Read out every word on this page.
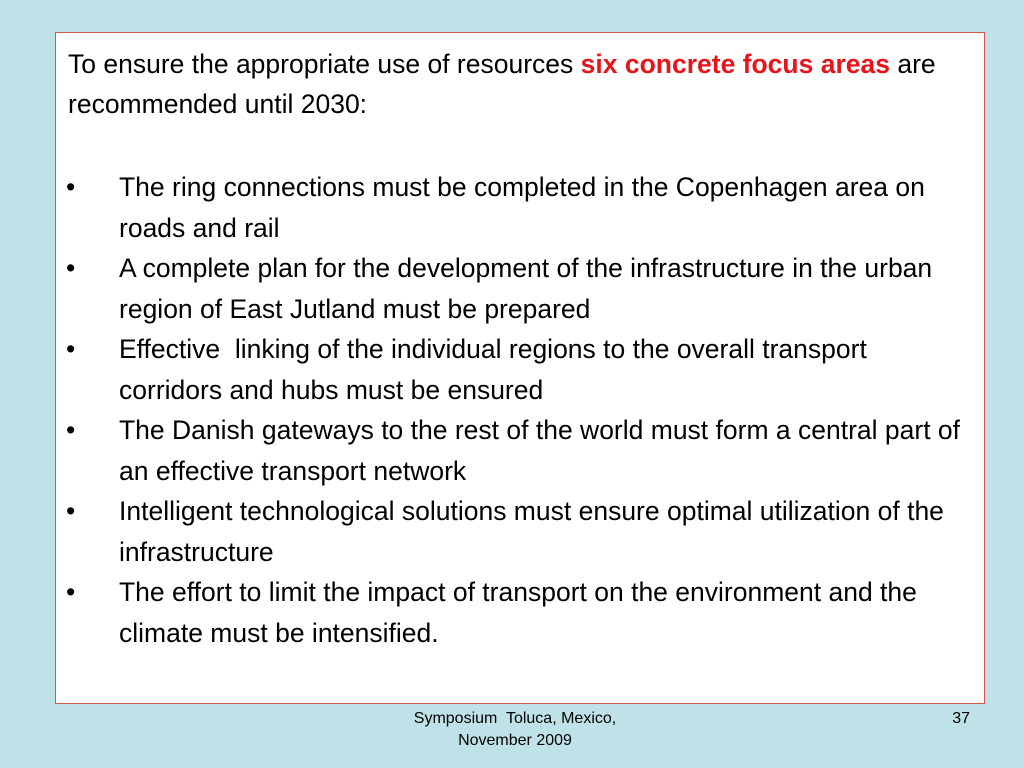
To ensure the appropriate use of resources six concrete focus areas are recommended until 2030:

• The ring connections must be completed in the Copenhagen area on roads and rail
• A complete plan for the development of the infrastructure in the urban region of East Jutland must be prepared
• Effective  linking of the individual regions to the overall transport  corridors and hubs must be ensured
• The Danish gateways to the rest of the world must form a central part of an effective transport network
• Intelligent technological solutions must ensure optimal utilization of the infrastructure
• The effort to limit the impact of transport on the environment and the climate must be intensified.
Symposium  Toluca, Mexico,
November 2009
37
